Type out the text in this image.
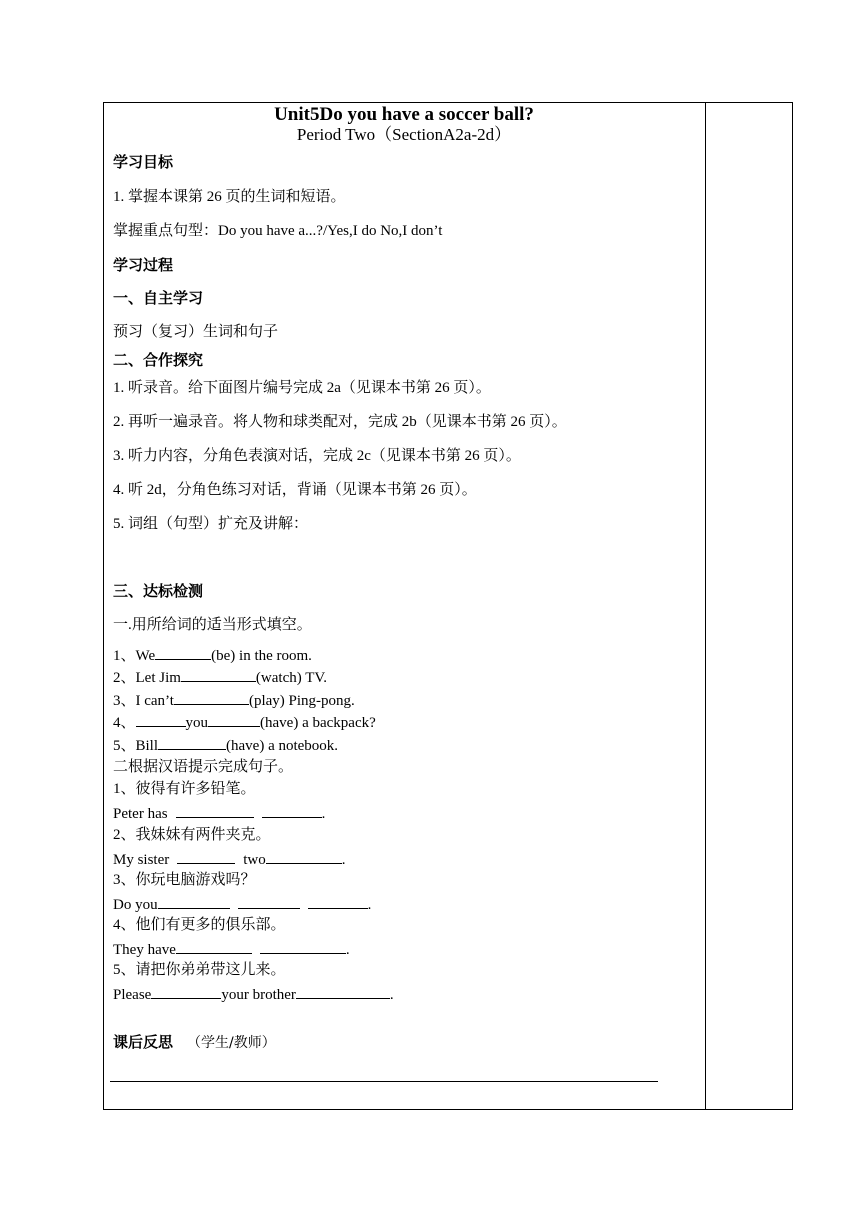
Unit5Do you have a soccer ball?
Period Two（SectionA2a-2d）
学习目标
1. 掌握本课第 26 页的生词和短语。
掌握重点句型：Do you have a...?/Yes,I do No,I don’t
学习过程
一、自主学习
预习（复习）生词和句子
二、合作探究
1. 听录音。给下面图片编号完成 2a（见课本书第 26 页）。
2. 再听一遍录音。将人物和球类配对，完成 2b（见课本书第 26 页）。
3. 听力内容，分角色表演对话，完成 2c（见课本书第 26 页）。
4. 听 2d，分角色练习对话，背诵（见课本书第 26 页）。
5. 词组（句型）扩充及讲解：
三、达标检测
一.用所给词的适当形式填空。
1、We	(be) in the room.
2、Let Jim	(watch) TV.
3、I can’t	(play) Ping-pong.
4、	you	(have) a backpack?
5、Bill	(have) a notebook.
二根据汉语提示完成句子。
1、彼得有许多铅笔。
Peter has	.
2、我妹妹有两件夹克。
My sister	two	.
3、你玩电脑游戏吗？
Do you	.
4、他们有更多的俱乐部。
They have	.
5、请把你弟弟带这儿来。
Please	your brother	.
课后反思 （学生/教师）
